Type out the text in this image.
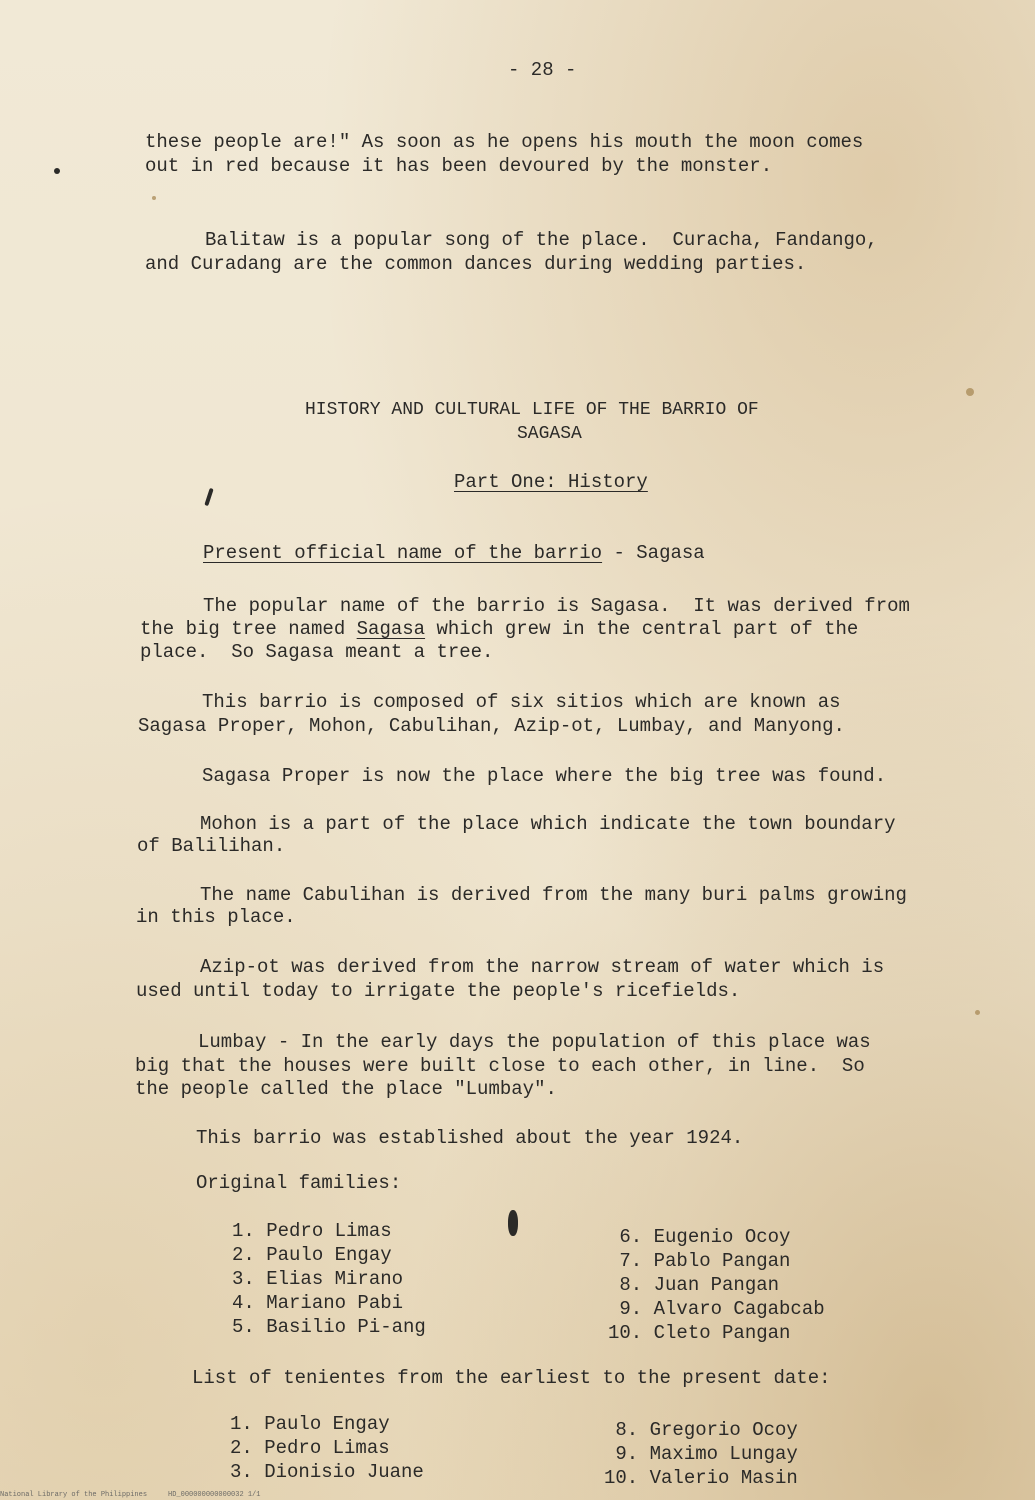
- 28 -
these people are!" As soon as he opens his mouth the moon comes
out in red because it has been devoured by the monster.
Balitaw is a popular song of the place.  Curacha, Fandango,
and Curadang are the common dances during wedding parties.
HISTORY AND CULTURAL LIFE OF THE BARRIO OF
SAGASA
Part One: History
Present official name of the barrio - Sagasa
The popular name of the barrio is Sagasa.  It was derived from
the big tree named Sagasa which grew in the central part of the
place.  So Sagasa meant a tree.
This barrio is composed of six sitios which are known as
Sagasa Proper, Mohon, Cabulihan, Azip-ot, Lumbay, and Manyong.
Sagasa Proper is now the place where the big tree was found.
Mohon is a part of the place which indicate the town boundary
of Balilihan.
The name Cabulihan is derived from the many buri palms growing
in this place.
Azip-ot was derived from the narrow stream of water which is
used until today to irrigate the people's ricefields.
Lumbay - In the early days the population of this place was
big that the houses were built close to each other, in line.  So
the people called the place "Lumbay".
This barrio was established about the year 1924.
Original families:
1. Pedro Limas
2. Paulo Engay
3. Elias Mirano
4. Mariano Pabi
5. Basilio Pi-ang
6. Eugenio Ocoy
7. Pablo Pangan
8. Juan Pangan
9. Alvaro Cagabcab
10. Cleto Pangan
List of tenientes from the earliest to the present date:
1. Paulo Engay
2. Pedro Limas
3. Dionisio Juane
8. Gregorio Ocoy
9. Maximo Lungay
10. Valerio Masin
National Library of the Philippines     HD_000000000000032 1/1
